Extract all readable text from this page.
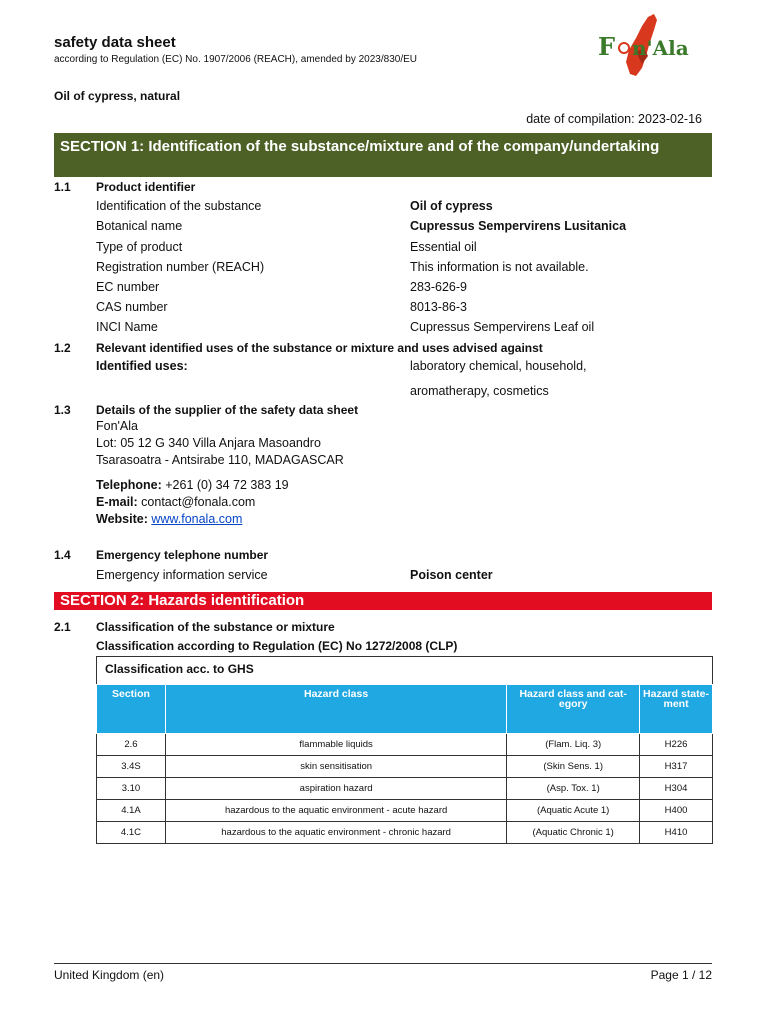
safety data sheet
according to Regulation (EC) No. 1907/2006 (REACH), amended by 2023/830/EU	F n'Ala
Oil of cypress, natural
date of compilation: 2023-02-16
SECTION 1: Identification of the substance/mixture and of the company/undertaking
1.1 Product identifier
Identification of the substance	Oil of cypress
Botanical name	Cupressus Sempervirens Lusitanica
Type of product	Essential oil
Registration number (REACH)	This information is not available.
EC number	283-626-9
CAS number	8013-86-3
INCI Name	Cupressus Sempervirens Leaf oil
1.2 Relevant identified uses of the substance or mixture and uses advised against
Identified uses:	laboratory chemical, household,
aromatherapy, cosmetics
1.3 Details of the supplier of the safety data sheet
Fon'Ala
Lot: 05 12 G 340 Villa Anjara Masoandro
Tsarasoatra - Antsirabe 110, MADAGASCAR
Telephone: +261 (0) 34 72 383 19
E-mail: contact@fonala.com
Website: www.fonala.com
1.4 Emergency telephone number
Emergency information service	Poison center
SECTION 2: Hazards identification
2.1 Classification of the substance or mixture
Classification according to Regulation (EC) No 1272/2008 (CLP)
Classification acc. to GHS
Section	Hazard class	Hazard class and cat- egory	Hazard state- ment
2.6	flammable liquids	(Flam. Liq. 3)	H226
3.4S	skin sensitisation	(Skin Sens. 1)	H317
3.10	aspiration hazard	(Asp. Tox. 1)	H304
4.1A	hazardous to the aquatic environment - acute hazard	(Aquatic Acute 1)	H400
4.1C	hazardous to the aquatic environment - chronic hazard	(Aquatic Chronic 1)	H410
United Kingdom (en)	Page 1 / 12
